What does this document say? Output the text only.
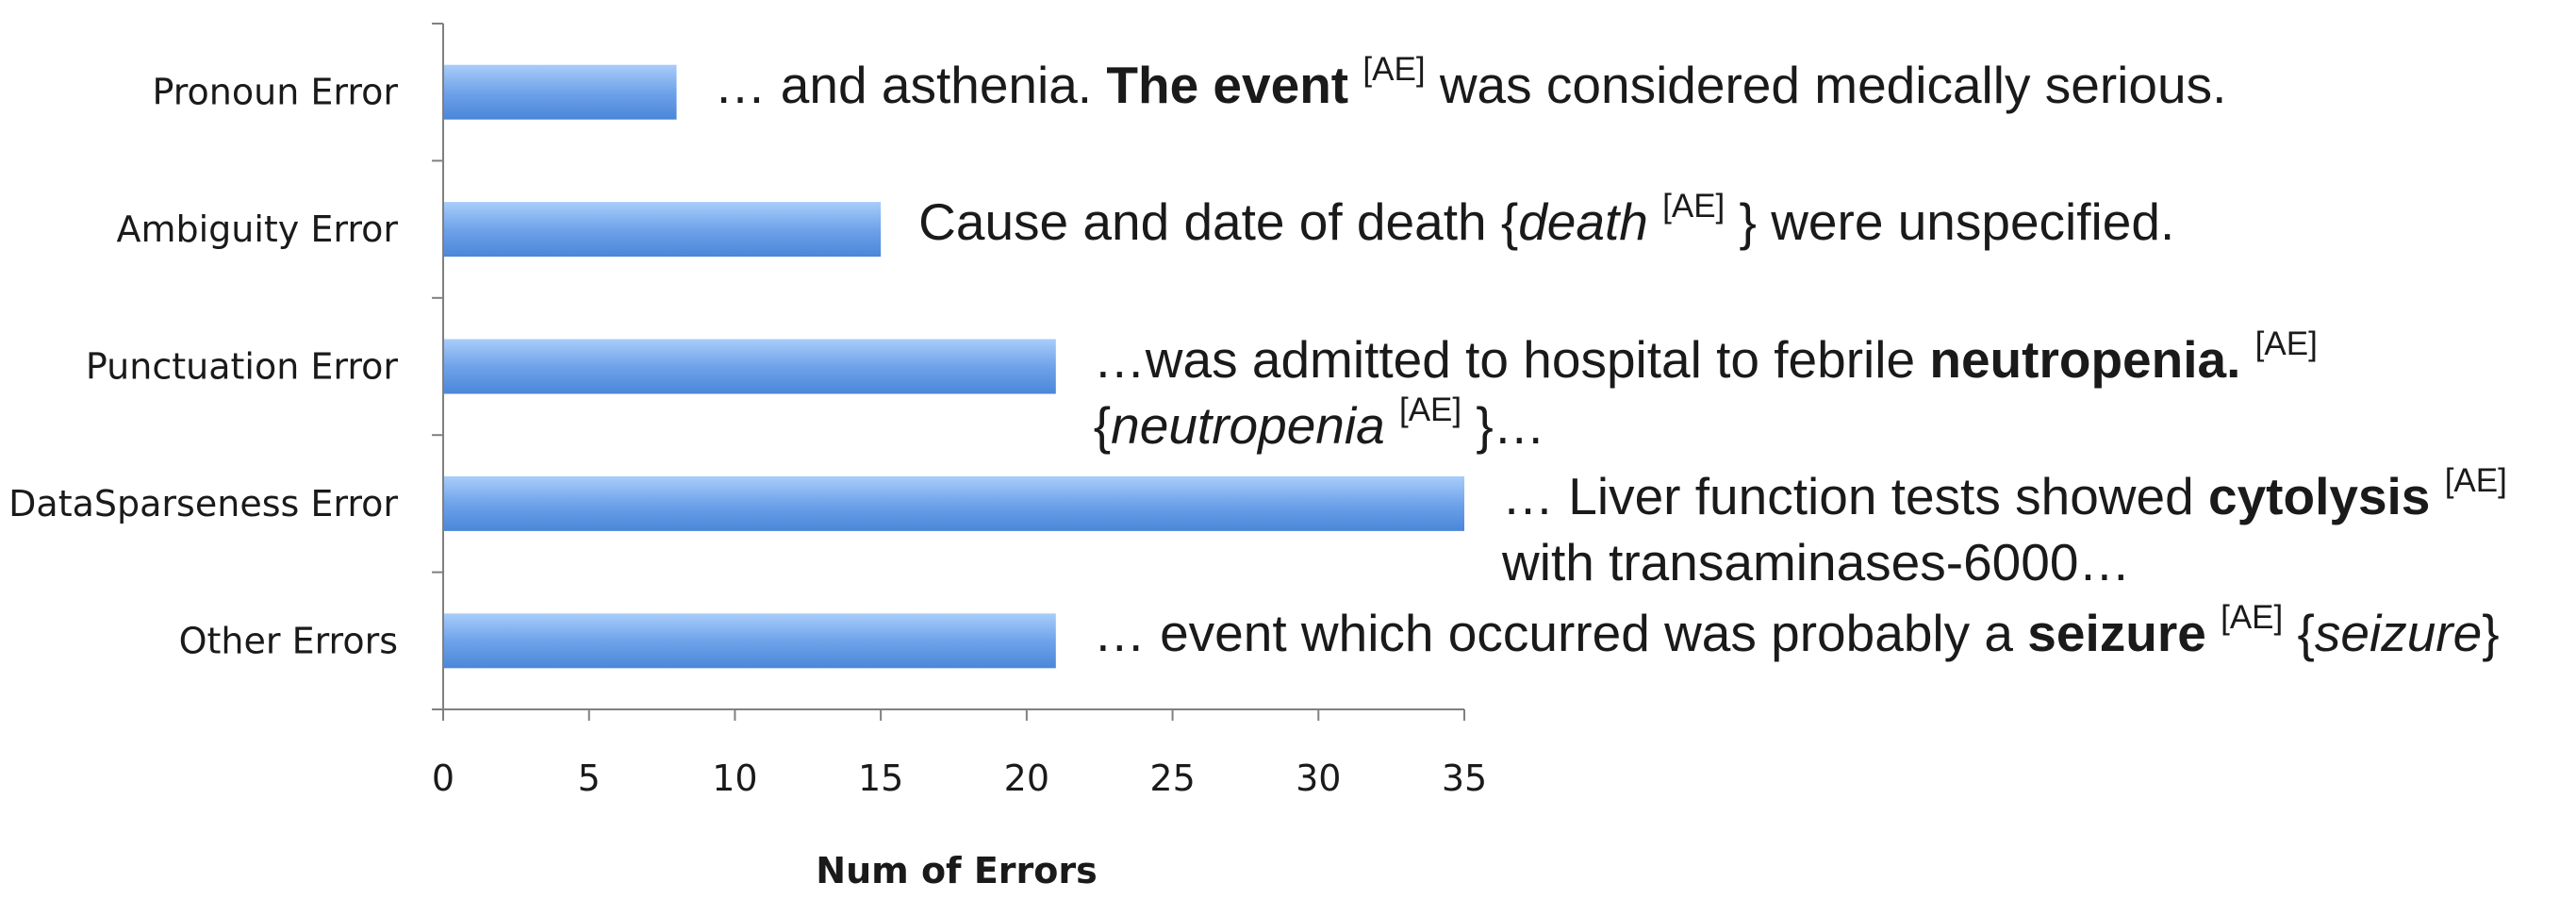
Pronoun Error
Ambiguity Error
Punctuation Error
DataSparseness Error
Other Errors
0	5	10	15	20	25	30	35
Num of Errors
… and asthenia. The event [AE] was considered medically serious.
Cause and date of death {death [AE] } were unspecified.
…was admitted to hospital to febrile neutropenia. [AE]
{neutropenia [AE] }…
… Liver function tests showed cytolysis [AE]
with transaminases-6000…
… event which occurred was probably a seizure [AE] {seizure}
